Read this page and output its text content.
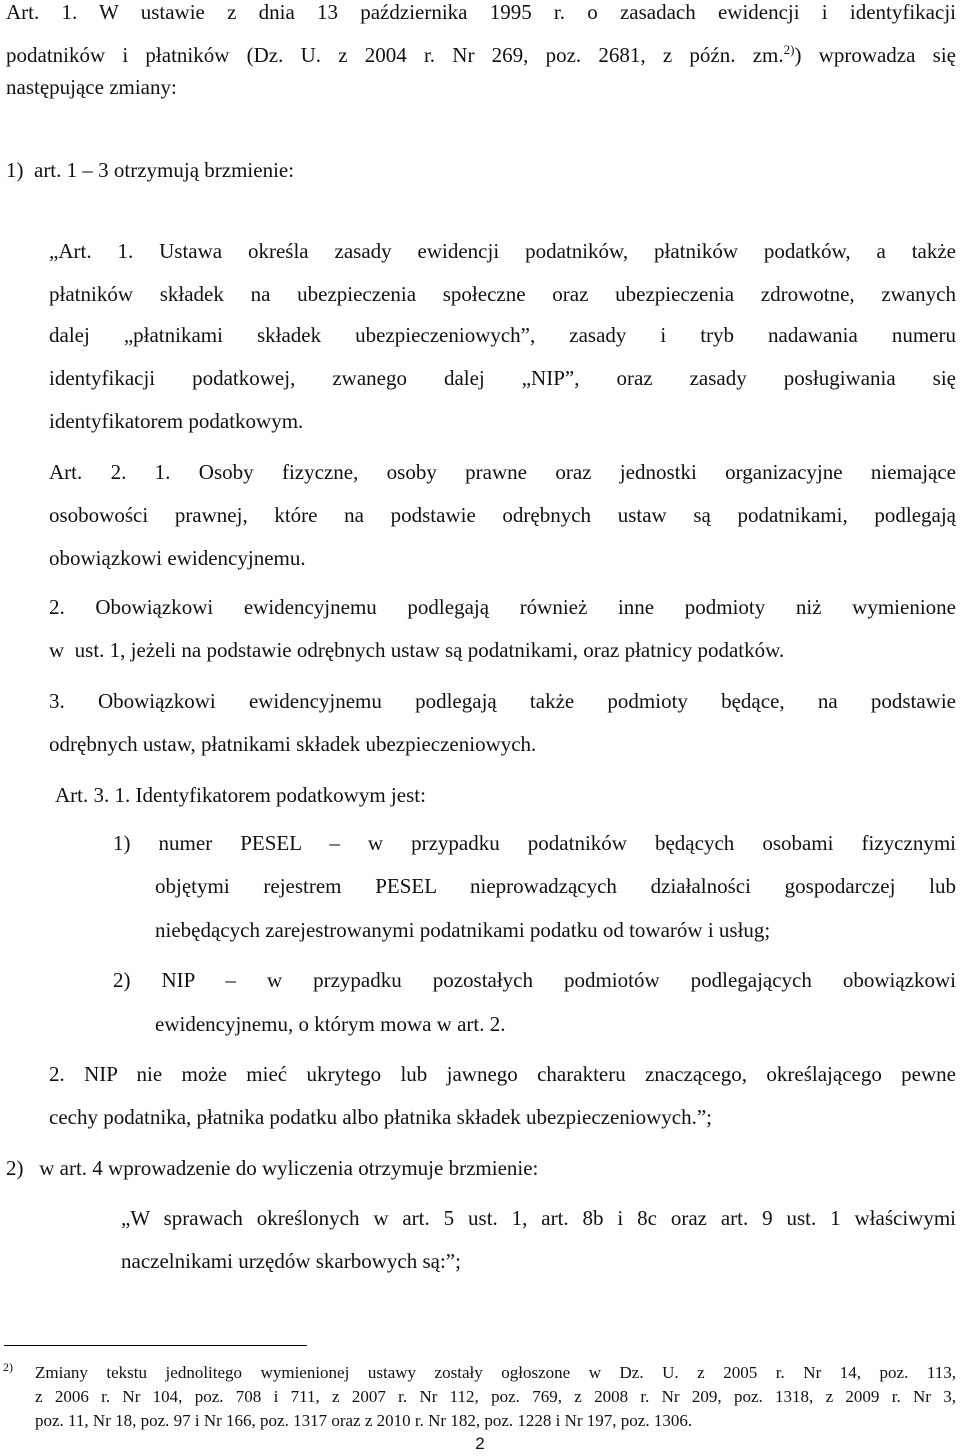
Art. 1. W ustawie z dnia 13 października 1995 r. o zasadach ewidencji i identyfikacji
podatników i płatników (Dz. U. z 2004 r. Nr 269, poz. 2681, z późn. zm.$^{2)}$) wprowadza się
następujące zmiany:
1)  art. 1 – 3 otrzymują brzmienie:
„Art. 1. Ustawa określa zasady ewidencji podatników, płatników podatków, a także
płatników składek na ubezpieczenia społeczne oraz ubezpieczenia zdrowotne, zwanych
dalej „płatnikami składek ubezpieczeniowych”, zasady i tryb nadawania numeru
identyfikacji podatkowej, zwanego dalej „NIP”, oraz zasady posługiwania się
identyfikatorem podatkowym.
Art. 2. 1. Osoby fizyczne, osoby prawne oraz jednostki organizacyjne niemające
osobowości prawnej, które na podstawie odrębnych ustaw są podatnikami, podlegają
obowiązkowi ewidencyjnemu.
2. Obowiązkowi ewidencyjnemu podlegają również inne podmioty niż wymienione
w  ust. 1, jeżeli na podstawie odrębnych ustaw są podatnikami, oraz płatnicy podatków.
3. Obowiązkowi ewidencyjnemu podlegają także podmioty będące, na podstawie
odrębnych ustaw, płatnikami składek ubezpieczeniowych.
Art. 3. 1. Identyfikatorem podatkowym jest:
1) numer PESEL – w przypadku podatników będących osobami fizycznymi
objętymi rejestrem PESEL nieprowadzących działalności gospodarczej lub
niebędących zarejestrowanymi podatnikami podatku od towarów i usług;
2) NIP – w przypadku pozostałych podmiotów podlegających obowiązkowi
ewidencyjnemu, o którym mowa w art. 2.
2. NIP nie może mieć ukrytego lub jawnego charakteru znaczącego, określającego pewne
cechy podatnika, płatnika podatku albo płatnika składek ubezpieczeniowych.”;
2)   w art. 4 wprowadzenie do wyliczenia otrzymuje brzmienie:
„W sprawach określonych w art. 5 ust. 1, art. 8b i 8c oraz art. 9 ust. 1 właściwymi
naczelnikami urzędów skarbowych są:”;
2) Zmiany tekstu jednolitego wymienionej ustawy zostały ogłoszone w Dz. U. z 2005 r. Nr 14, poz. 113,
z 2006 r. Nr 104, poz. 708 i 711, z 2007 r. Nr 112, poz. 769, z 2008 r. Nr 209, poz. 1318, z 2009 r. Nr 3,
poz. 11, Nr 18, poz. 97 i Nr 166, poz. 1317 oraz z 2010 r. Nr 182, poz. 1228 i Nr 197, poz. 1306.
2
